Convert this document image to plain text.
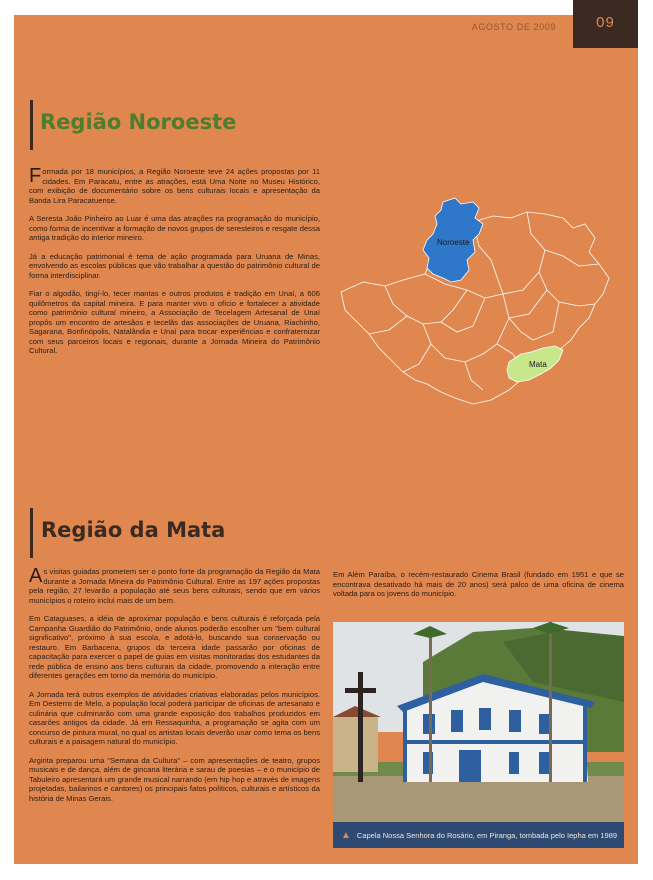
AGOSTO DE 2009	09
Região Noroeste

Formada por 18 municípios, a Região Noroeste teve 24 ações propostas por 11 cidades. Em Paracatu, entre as atrações, está Uma Noite no Museu Histórico, com exibição de documentário sobre os bens culturais locais e apresentação da Banda Lira Paracatuense.

A Seresta João Pinheiro ao Luar é uma das atrações na programação do município, como forma de incentivar a formação de novos grupos de seresteiros e resgate dessa antiga tradição do interior mineiro.

Já a educação patrimonial é tema de ação programada para Uruana de Minas, envolvendo as escolas públicas que vão trabalhar a questão do patrimônio cultural de forma interdisciplinar.

Fiar o algodão, tingí-lo, tecer mantas e outros produtos é tradição em Unaí, a 606 quilômetros da capital mineira. E para manter vivo o ofício e fortalecer a atividade como patrimônio cultural mineiro, a Associação de Tecelagem Artesanal de Unaí propôs um encontro de artesãos e tecelãs das associações de Uruana, Riachinho, Sagarana, Bonfinópolis, Natalândia e Unaí para trocar experiências e confraternizar com seus parceiros locais e regionais, durante a Jornada Mineira do Patrimônio Cultural.

Noroeste
Mata
Região da Mata

As visitas guiadas prometem ser o ponto forte da programação da Região da Mata durante a Jornada Mineira do Patrimônio Cultural. Entre as 197 ações propostas pela região, 27 levarão a população até seus bens culturais, sendo que em vários municípios o roteiro inclui mais de um bem.

Em Cataguases, a idéia de aproximar população e bens culturais é reforçada pela Campanha Guardião do Patrimônio, onde alunos poderão escolher um "bem cultural significativo", próximo à sua escola, e adotá-lo, buscando sua conservação ou restauro. Em Barbacena, grupos da terceira idade passarão por oficinas de capacitação para exercer o papel de guias em visitas monitoradas dos estudantes da rede pública de ensino aos bens culturais da cidade, promovendo a interação entre diferentes gerações em torno da memória do município.

A Jornada terá outros exemplos de atividades criativas elaboradas pelos municípios. Em Desterro de Melo, a população local poderá participar de oficinas de artesanato e culinária que culminarão com uma grande exposição dos trabalhos produzidos em casarões antigos da cidade. Já em Ressaquinha, a programação se agita com um concurso de pintura mural, no qual os artistas locais deverão usar como tema os bens culturais e a paisagem natural do município.

Argirita preparou uma "Semana da Cultura" – com apresentações de teatro, grupos musicais e de dança, além de gincana literária e sarau de poesias – e o município de Tabuleiro apresentará um grande musical narrando (em hip hop e através de imagens projetadas, bailarinos e cantores) os principais fatos políticos, culturais e artísticos da história de Minas Gerais.

Em Além Paraíba, o recém-restaurado Cinema Brasil (fundado em 1951 e que se encontrava desativado há mais de 20 anos) será palco de uma oficina de cinema voltada para os jovens do município.

▲ Capela Nossa Senhora do Rosário, em Piranga, tombada pelo Iepha em 1989
